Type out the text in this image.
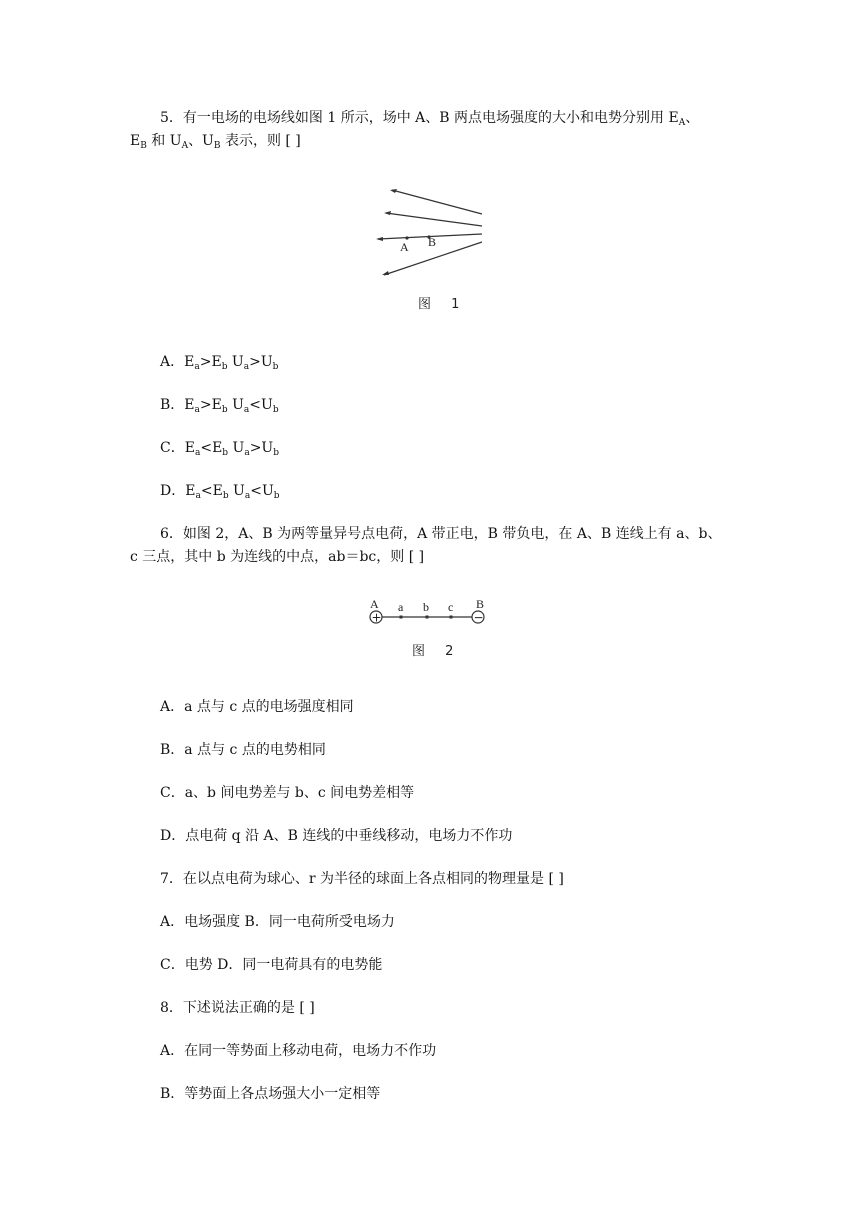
5．有一电场的电场线如图 1 所示，场中 A、B 两点电场强度的大小和电势分别用 $E_A$、
$E_B$ 和 $U_A$、$U_B$ 表示，则 [ ]
A B
图 1
A．$E_a>E_b$ $U_a>U_b$
B．$E_a>E_b$ $U_a<U_b$
C．$E_a<E_b$ $U_a>U_b$
D．$E_a<E_b$ $U_a<U_b$
6．如图 2，A、B 为两等量异号点电荷，A 带正电，B 带负电，在 A、B 连线上有 a、b、
c 三点，其中 b 为连线的中点，ab＝bc，则 [ ]
A a b c B
+	−
图 2
A．a 点与 c 点的电场强度相同
B．a 点与 c 点的电势相同
C．a、b 间电势差与 b、c 间电势差相等
D．点电荷 q 沿 A、B 连线的中垂线移动，电场力不作功
7．在以点电荷为球心、r 为半径的球面上各点相同的物理量是 [ ]
A．电场强度 B．同一电荷所受电场力
C．电势 D．同一电荷具有的电势能
8．下述说法正确的是 [ ]
A．在同一等势面上移动电荷，电场力不作功
B．等势面上各点场强大小一定相等
